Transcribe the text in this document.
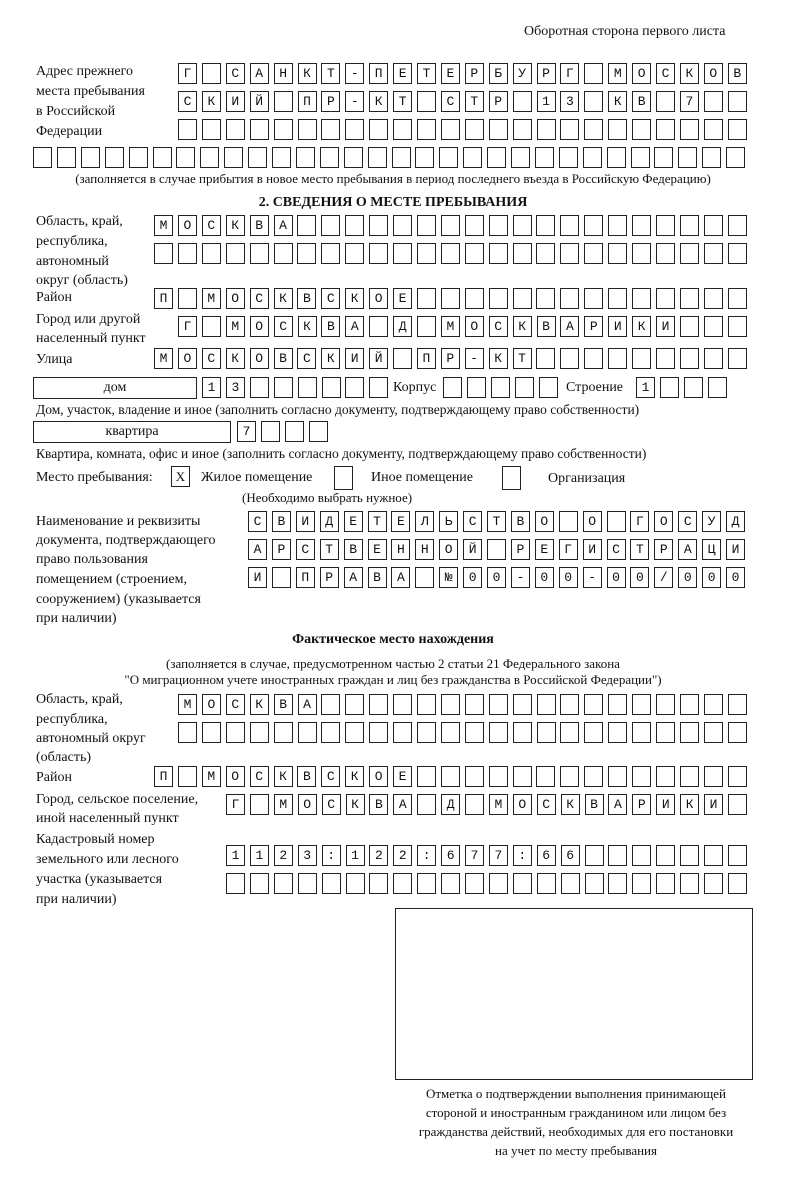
Оборотная сторона первого листа
Адрес прежнего
места пребывания
в Российской
Федерации
Г САНКТ-ПЕТЕРБУРГ МОСКОВ
СКИЙ ПР-КТ СТР 13 КВ 7
(заполняется в случае прибытия в новое место пребывания в период последнего въезда в Российскую Федерацию)
2. СВЕДЕНИЯ О МЕСТЕ ПРЕБЫВАНИЯ
Область, край,
республика,
автономный
округ (область)
МОСКВА
Район	П МОСКВСКОЕ
Город или другой
населенный пункт
Г МОСКВА Д МОСКВАРИКИ
Улица	МОСКОВСКИЙ ПР-КТ
дом	13	Корпус	Строение	1
Дом, участок, владение и иное (заполнить согласно документу, подтверждающему право собственности)
квартира	7
Квартира, комната, офис и иное (заполнить согласно документу, подтверждающему право собственности)
Место пребывания:	X	Жилое помещение	Иное помещение	Организация
(Необходимо выбрать нужное)
Наименование и реквизиты
документа, подтверждающего
право пользования
помещением (строением,
сооружением) (указывается
при наличии)
СВИДЕТЕЛЬСТВО О ГОСУД
АРСТВЕННОЙ РЕГИСТРАЦИ
И ПРАВА №00-00-00/000
Фактическое место нахождения
(заполняется в случае, предусмотренном частью 2 статьи 21 Федерального закона
"О миграционном учете иностранных граждан и лиц без гражданства в Российской Федерации")
Область, край,
республика,
автономный округ
(область)
МОСКВА
Район	П МОСКВСКОЕ
Город, сельское поселение,
иной населенный пункт
Г МОСКВА Д МОСКВАРИКИ
Кадастровый номер
земельного или лесного
участка (указывается
при наличии)
1123:122:677:66
Отметка о подтверждении выполнения принимающей
стороной и иностранным гражданином или лицом без
гражданства действий, необходимых для его постановки
на учет по месту пребывания
